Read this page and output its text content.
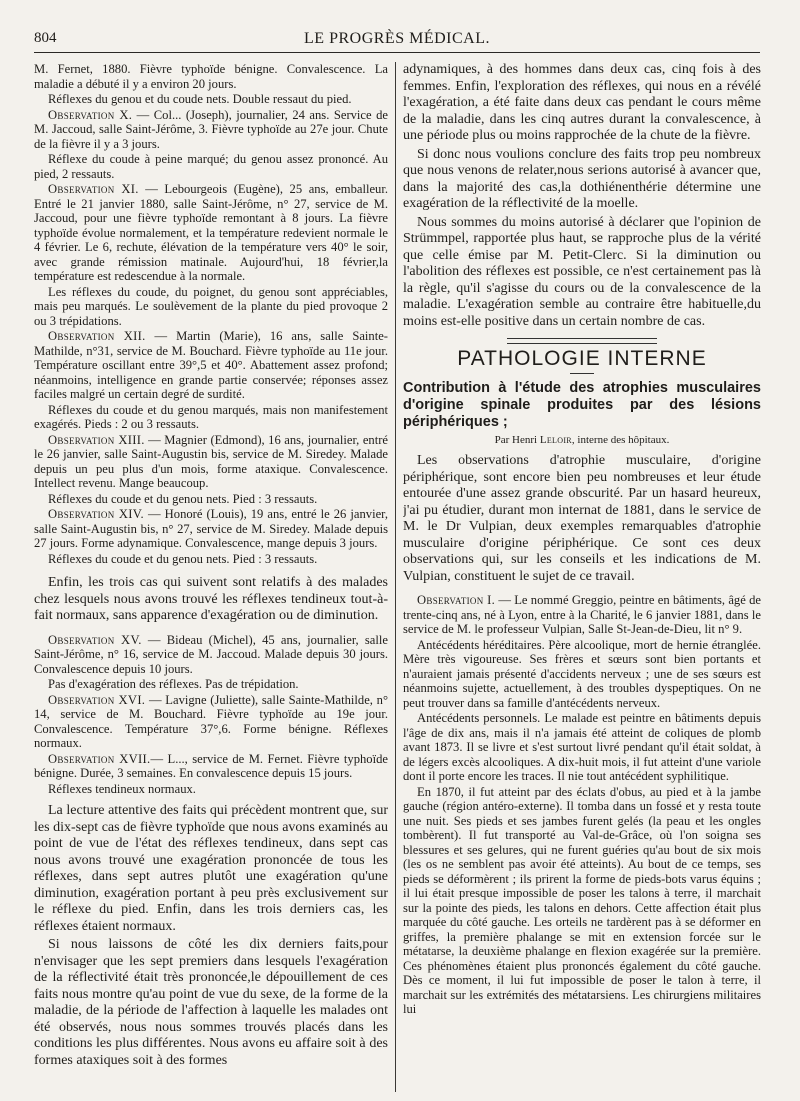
804	LE PROGRÈS MÉDICAL.

M. Fernet, 1880. Fièvre typhoïde bénigne. Convalescence. La maladie a débuté il y a environ 20 jours.

Réflexes du genou et du coude nets. Double ressaut du pied.

Observation X. — Col... (Joseph), journalier, 24 ans. Service de M. Jaccoud, salle Saint-Jérôme, 3. Fièvre typhoïde au 27e jour. Chute de la fièvre il y a 3 jours.

Réflexe du coude à peine marqué; du genou assez prononcé. Au pied, 2 ressauts.

Observation XI. — Lebourgeois (Eugène), 25 ans, emballeur. Entré le 21 janvier 1880, salle Saint-Jérôme, n° 27, service de M. Jaccoud, pour une fièvre typhoïde remontant à 8 jours. La fièvre typhoïde évolue normalement, et la température redevient normale le 4 février. Le 6, rechute, élévation de la température vers 40° le soir, avec grande rémission matinale. Aujourd'hui, 18 février,la température est redescendue à la normale.

Les réflexes du coude, du poignet, du genou sont appréciables, mais peu marqués. Le soulèvement de la plante du pied provoque 2 ou 3 trépidations.

Observation XII. — Martin (Marie), 16 ans, salle Sainte-Mathilde, n°31, service de M. Bouchard. Fièvre typhoïde au 11e jour. Température oscillant entre 39°,5 et 40°. Abattement assez profond; néanmoins, intelligence en grande partie conservée; réponses assez faciles malgré un certain degré de surdité.

Réflexes du coude et du genou marqués, mais non manifestement exagérés. Pieds : 2 ou 3 ressauts.

Observation XIII. — Magnier (Edmond), 16 ans, journalier, entré le 26 janvier, salle Saint-Augustin bis, service de M. Siredey. Malade depuis un peu plus d'un mois, forme ataxique. Convalescence. Intellect revenu. Mange beaucoup.

Réflexes du coude et du genou nets. Pied : 3 ressauts.

Observation XIV. — Honoré (Louis), 19 ans, entré le 26 janvier, salle Saint-Augustin bis, n° 27, service de M. Siredey. Malade depuis 27 jours. Forme adynamique. Convalescence, mange depuis 3 jours.

Réflexes du coude et du genou nets. Pied : 3 ressauts.

Enfin, les trois cas qui suivent sont relatifs à des malades chez lesquels nous avons trouvé les réflexes tendineux tout-à-fait normaux, sans apparence d'exagération ou de diminution.

Observation XV. — Bideau (Michel), 45 ans, journalier, salle Saint-Jérôme, n° 16, service de M. Jaccoud. Malade depuis 30 jours. Convalescence depuis 10 jours.

Pas d'exagération des réflexes. Pas de trépidation.

Observation XVI. — Lavigne (Juliette), salle Sainte-Mathilde, n° 14, service de M. Bouchard. Fièvre typhoïde au 19e jour. Convalescence. Température 37°,6. Forme bénigne. Réflexes normaux.

Observation XVII.— L..., service de M. Fernet. Fièvre typhoïde bénigne. Durée, 3 semaines. En convalescence depuis 15 jours.

Réflexes tendineux normaux.

La lecture attentive des faits qui précèdent montrent que, sur les dix-sept cas de fièvre typhoïde que nous avons examinés au point de vue de l'état des réflexes tendineux, dans sept cas nous avons trouvé une exagération prononcée de tous les réflexes, dans sept autres plutôt une exagération qu'une diminution, exagération portant à peu près exclusivement sur le réflexe du pied. Enfin, dans les trois derniers cas, les réflexes étaient normaux.

Si nous laissons de côté les dix derniers faits,pour n'envisager que les sept premiers dans lesquels l'exagération de la réflectivité était très prononcée,le dépouillement de ces faits nous montre qu'au point de vue du sexe, de la forme de la maladie, de la période de l'affection à laquelle les malades ont été observés, nous nous sommes trouvés placés dans les conditions les plus différentes. Nous avons eu affaire soit à des formes ataxiques soit à des formes

adynamiques, à des hommes dans deux cas, cinq fois à des femmes. Enfin, l'exploration des réflexes, qui nous en a révélé l'exagération, a été faite dans deux cas pendant le cours même de la maladie, dans les cinq autres durant la convalescence, à une période plus ou moins rapprochée de la chute de la fièvre.

Si donc nous voulions conclure des faits trop peu nombreux que nous venons de relater,nous serions autorisé à avancer que, dans la majorité des cas,la dothiénenthérie détermine une exagération de la réflectivité de la moelle.

Nous sommes du moins autorisé à déclarer que l'opinion de Strümmpel, rapportée plus haut, se rapproche plus de la vérité que celle émise par M. Petit-Clerc. Si la diminution ou l'abolition des réflexes est possible, ce n'est certainement pas là la règle, qu'il s'agisse du cours ou de la convalescence de la maladie. L'exagération semble au contraire être habituelle,du moins est-elle positive dans un certain nombre de cas.

PATHOLOGIE INTERNE
Contribution à l'étude des atrophies musculaires d'origine spinale produites par des lésions périphériques ;
Par Henri Leloir, interne des hôpitaux.

Les observations d'atrophie musculaire, d'origine périphérique, sont encore bien peu nombreuses et leur étude entourée d'une assez grande obscurité. Par un hasard heureux, j'ai pu étudier, durant mon internat de 1881, dans le service de M. le Dr Vulpian, deux exemples remarquables d'atrophie musculaire d'origine périphérique. Ce sont ces deux observations qui, sur les conseils et les indications de M. Vulpian, constituent le sujet de ce travail.

Observation I. — Le nommé Greggio, peintre en bâtiments, âgé de trente-cinq ans, né à Lyon, entre à la Charité, le 6 janvier 1881, dans le service de M. le professeur Vulpian, Salle St-Jean-de-Dieu, lit n° 9.

Antécédents héréditaires. Père alcoolique, mort de hernie étranglée. Mère très vigoureuse. Ses frères et sœurs sont bien portants et n'auraient jamais présenté d'accidents nerveux ; une de ses sœurs est néanmoins sujette, actuellement, à des troubles dyspeptiques. On ne peut trouver dans sa famille d'antécédents nerveux.

Antécédents personnels. Le malade est peintre en bâtiments depuis l'âge de dix ans, mais il n'a jamais été atteint de coliques de plomb avant 1873. Il se livre et s'est surtout livré pendant qu'il était soldat, à de légers excès alcooliques. A dix-huit mois, il fut atteint d'une variole dont il porte encore les traces. Il nie tout antécédent syphilitique.

En 1870, il fut atteint par des éclats d'obus, au pied et à la jambe gauche (région antéro-externe). Il tomba dans un fossé et y resta toute une nuit. Ses pieds et ses jambes furent gelés (la peau et les ongles tombèrent). Il fut transporté au Val-de-Grâce, où l'on soigna ses blessures et ses gelures, qui ne furent guéries qu'au bout de six mois (les os ne semblent pas avoir été atteints). Au bout de ce temps, ses pieds se déformèrent ; ils prirent la forme de pieds-bots varus équins ; il lui était presque impossible de poser les talons à terre, il marchait sur la pointe des pieds, les talons en dehors. Cette affection était plus marquée du côté gauche. Les orteils ne tardèrent pas à se déformer en griffes, la première phalange se mit en extension forcée sur le métatarse, la deuxième phalange en flexion exagérée sur la première. Ces phénomènes étaient plus prononcés également du côté gauche. Dès ce moment, il lui fut impossible de poser le talon à terre, il marchait sur les extrémités des métatarsiens. Les chirurgiens militaires lui
